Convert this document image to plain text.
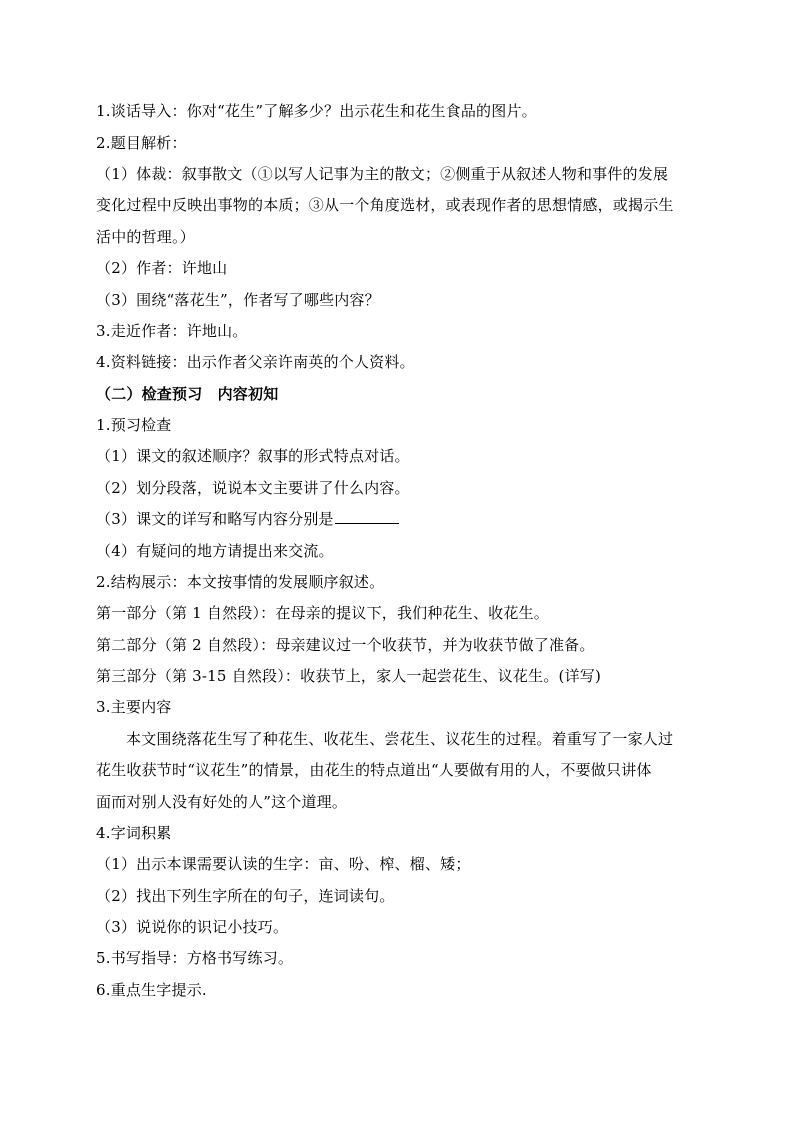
1.谈话导入：你对“花生”了解多少？出示花生和花生食品的图片。
2.题目解析：
（1）体裁：叙事散文（①以写人记事为主的散文；②侧重于从叙述人物和事件的发展
变化过程中反映出事物的本质；③从一个角度选材，或表现作者的思想情感，或揭示生
活中的哲理。）
（2）作者：许地山
（3）围绕“落花生”，作者写了哪些内容？
3.走近作者：许地山。
4.资料链接：出示作者父亲许南英的个人资料。
（二）检查预习　内容初知
1.预习检查
（1）课文的叙述顺序？叙事的形式特点对话。
（2）划分段落，说说本文主要讲了什么内容。
（3）课文的详写和略写内容分别是
（4）有疑问的地方请提出来交流。
2.结构展示：本文按事情的发展顺序叙述。
第一部分（第 1 自然段）：在母亲的提议下，我们种花生、收花生。
第二部分（第 2 自然段）：母亲建议过一个收获节，并为收获节做了准备。
第三部分（第 3-15 自然段）：收获节上，家人一起尝花生、议花生。(详写)
3.主要内容
本文围绕落花生写了种花生、收花生、尝花生、议花生的过程。着重写了一家人过
花生收获节时“议花生”的情景，由花生的特点道出“人要做有用的人，不要做只讲体
面而对别人没有好处的人”这个道理。
4.字词积累
（1）出示本课需要认读的生字：亩、吩、榨、榴、矮；
（2）找出下列生字所在的句子，连词读句。
（3）说说你的识记小技巧。
5.书写指导：方格书写练习。
6.重点生字提示.
